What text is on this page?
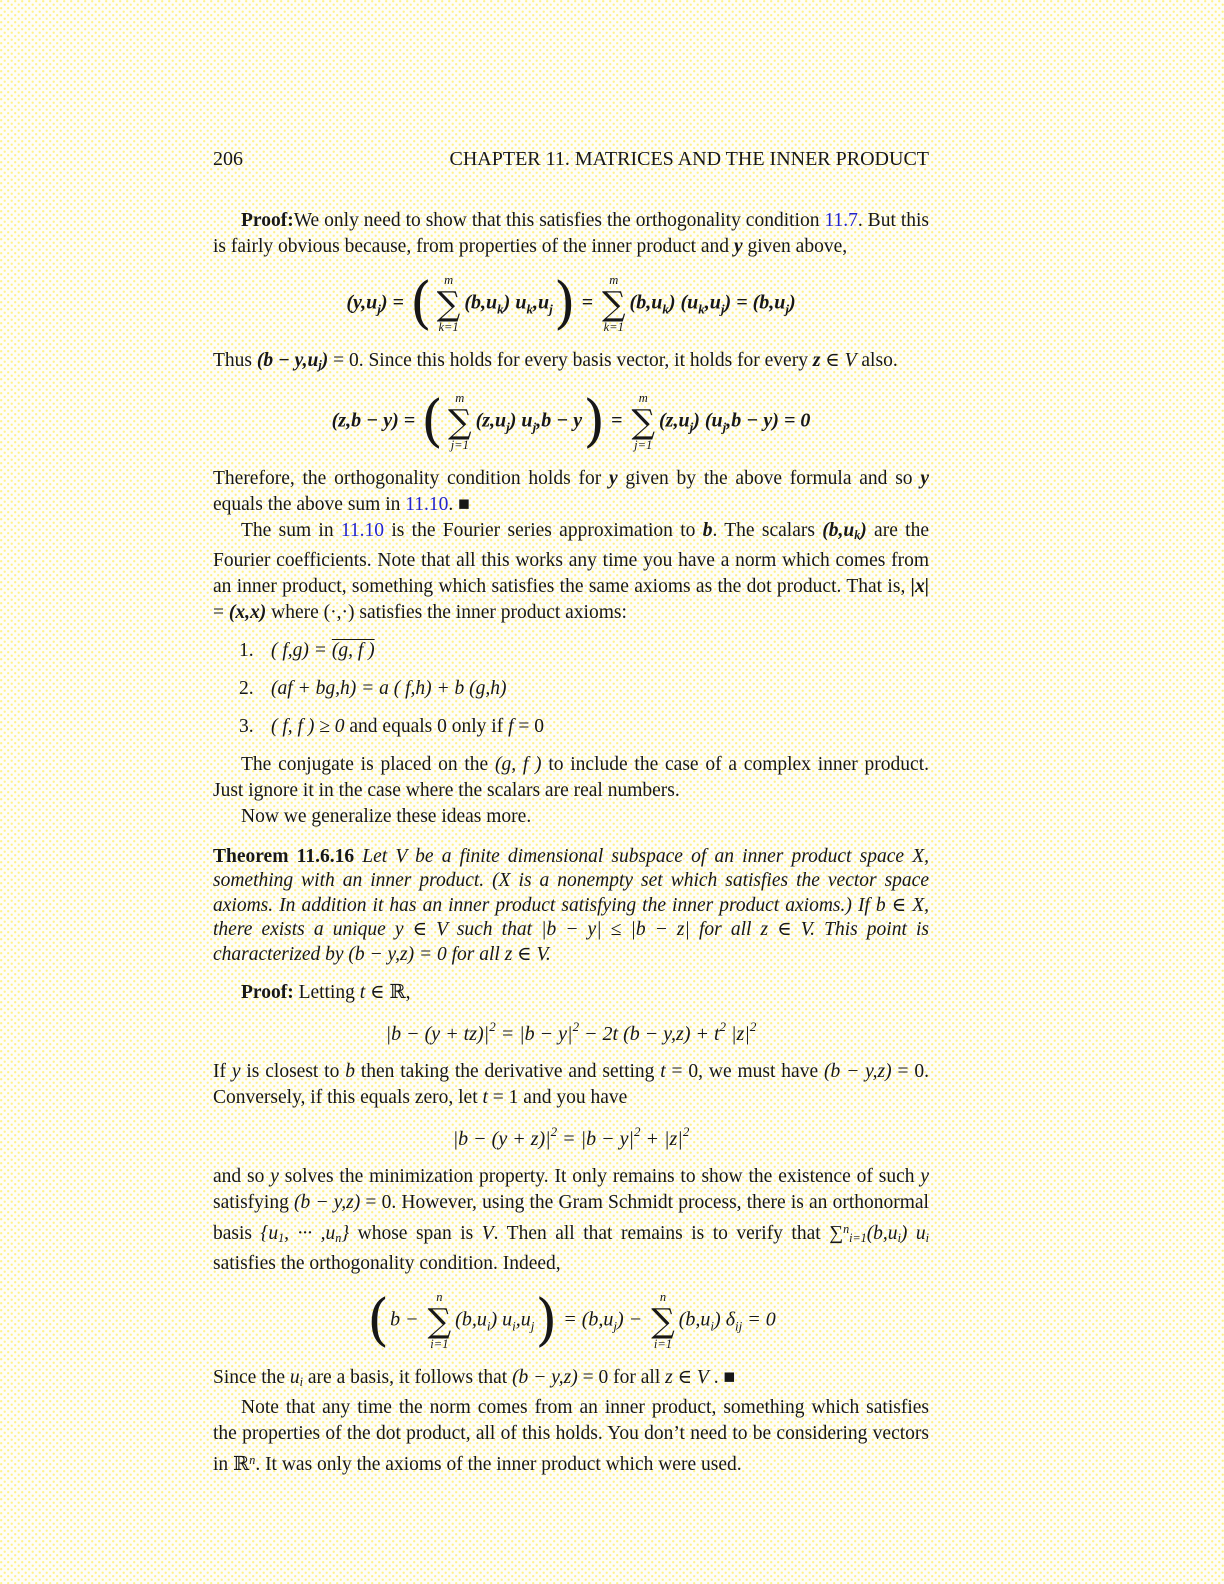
206	CHAPTER 11. MATRICES AND THE INNER PRODUCT

Proof:We only need to show that this satisfies the orthogonality condition 11.7. But this is fairly obvious because, from properties of the inner product and y given above,

$(y,u_j)$ = ( m
∑
k=1
$(b,u_k) u_k,u_j$) =
m
∑
k=1
$(b,u_k) (u_k,u_j) = (b,u_j)$

Thus $(b - y,u_j) = 0$. Since this holds for every basis vector, it holds for every z ∈ V also.

(z,b − y) = ( m
∑
j=1
$(z,u_j) u_j,b - y$) =
m
∑
j=1
$(z,u_j) (u_j,b - y) = 0$

Therefore, the orthogonality condition holds for y given by the above formula and so y equals the above sum in 11.10. ■

The sum in 11.10 is the Fourier series approximation to b. The scalars $(b,u_k)$ are the Fourier coefficients. Note that all this works any time you have a norm which comes from an inner product, something which satisfies the same axioms as the dot product. That is, |x| = (x,x) where (·,·) satisfies the inner product axioms:

1. ( f,g) = (g, f )
2. (af + bg,h) = a ( f,h) + b (g,h)
3. ( f, f ) ≥ 0 and equals 0 only if f = 0

The conjugate is placed on the (g, f ) to include the case of a complex inner product. Just ignore it in the case where the scalars are real numbers.

Now we generalize these ideas more.

Theorem 11.6.16 Let V be a finite dimensional subspace of an inner product space X, something with an inner product. (X is a nonempty set which satisfies the vector space axioms. In addition it has an inner product satisfying the inner product axioms.) If b ∈ X, there exists a unique y ∈ V such that |b − y| ≤ |b − z| for all z ∈ V. This point is characterized by (b − y,z) = 0 for all z ∈ V.

Proof: Letting t ∈ ℝ,

$|b - (y + tz)|^2 = |b - y|^2 - 2t$ $(b - y,z) + t^2$ $|z|^2$

If y is closest to b then taking the derivative and setting t = 0, we must have (b − y,z) = 0. Conversely, if this equals zero, let t = 1 and you have

$|b - (y + z)|^2 = |b - y|^2 + |z|^2$

and so y solves the minimization property. It only remains to show the existence of such y satisfying (b − y,z) = 0. However, using the Gram Schmidt process, there is an orthonormal basis {$u_1$, ··· $,u_n$} whose span is V. Then all that remains is to verify that $\sum^n_{i=1}(b,u_i)$ $u_i$ satisfies the orthogonality condition. Indeed,

(b −
n
∑
i=1
$(b,u_i) u_i,u_j) = (b,u_j)$ −
n
∑
i=1
$(b,u_i) \delta_{ij} = 0$

Since the $u_i$ are a basis, it follows that (b − y,z) = 0 for all z ∈ V . ■

Note that any time the norm comes from an inner product, something which satisfies the properties of the dot product, all of this holds. You don’t need to be considering vectors in ℝ$^n$. It was only the axioms of the inner product which were used.
